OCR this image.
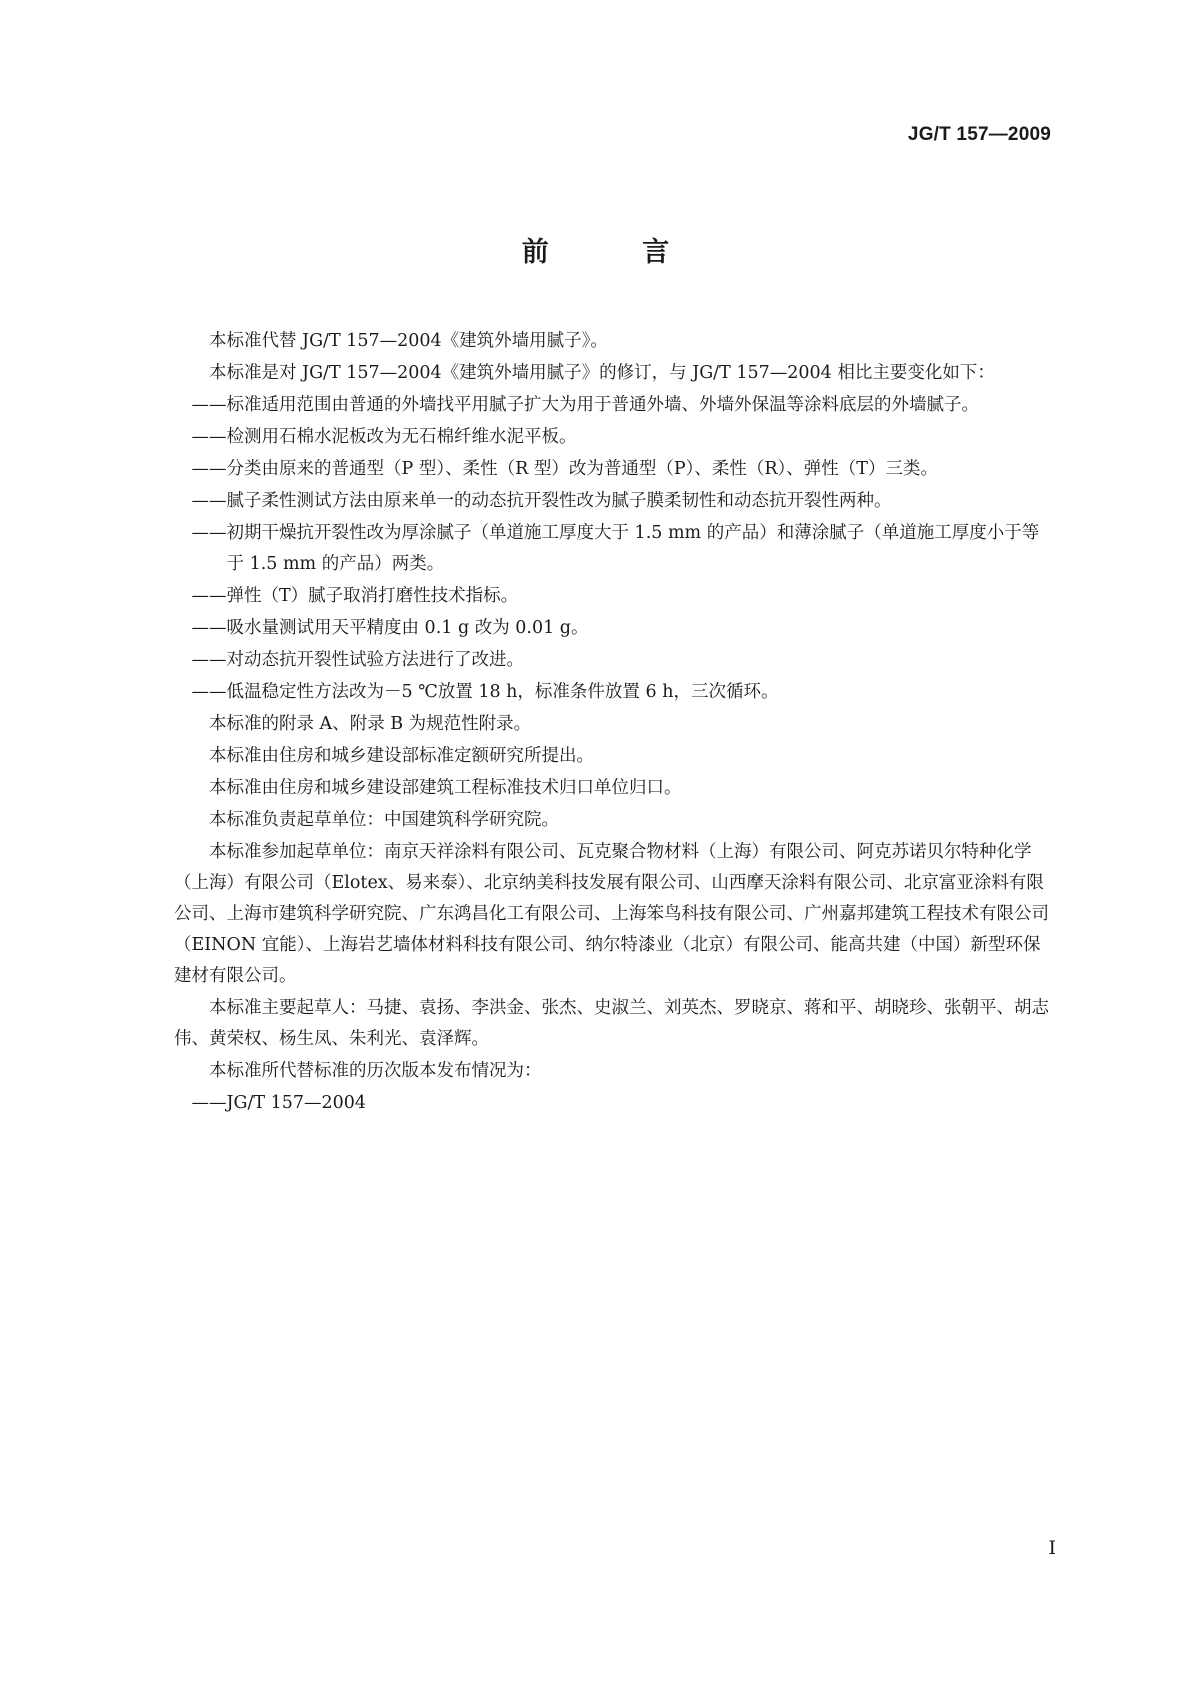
JG/T 157—2009
前 言

本标准代替 JG/T 157—2004《建筑外墙用腻子》。

本标准是对 JG/T 157—2004《建筑外墙用腻子》的修订，与 JG/T 157—2004 相比主要变化如下：

——标准适用范围由普通的外墙找平用腻子扩大为用于普通外墙、外墙外保温等涂料底层的外墙腻子。

——检测用石棉水泥板改为无石棉纤维水泥平板。

——分类由原来的普通型（P 型）、柔性（R 型）改为普通型（P）、柔性（R）、弹性（T）三类。

——腻子柔性测试方法由原来单一的动态抗开裂性改为腻子膜柔韧性和动态抗开裂性两种。

——初期干燥抗开裂性改为厚涂腻子（单道施工厚度大于 1.5 mm 的产品）和薄涂腻子（单道施工厚度小于等于 1.5 mm 的产品）两类。

——弹性（T）腻子取消打磨性技术指标。

——吸水量测试用天平精度由 0.1 g 改为 0.01 g。

——对动态抗开裂性试验方法进行了改进。

——低温稳定性方法改为－5 ℃放置 18 h，标准条件放置 6 h，三次循环。

本标准的附录 A、附录 B 为规范性附录。

本标准由住房和城乡建设部标准定额研究所提出。

本标准由住房和城乡建设部建筑工程标准技术归口单位归口。

本标准负责起草单位：中国建筑科学研究院。

本标准参加起草单位：南京天祥涂料有限公司、瓦克聚合物材料（上海）有限公司、阿克苏诺贝尔特种化学（上海）有限公司（Elotex、易来泰）、北京纳美科技发展有限公司、山西摩天涂料有限公司、北京富亚涂料有限公司、上海市建筑科学研究院、广东鸿昌化工有限公司、上海笨鸟科技有限公司、广州嘉邦建筑工程技术有限公司（EINON 宜能）、上海岩艺墙体材料科技有限公司、纳尔特漆业（北京）有限公司、能高共建（中国）新型环保建材有限公司。

本标准主要起草人：马捷、袁扬、李洪金、张杰、史淑兰、刘英杰、罗晓京、蒋和平、胡晓珍、张朝平、胡志伟、黄荣权、杨生凤、朱利光、袁泽辉。

本标准所代替标准的历次版本发布情况为：

——JG/T 157—2004

I
